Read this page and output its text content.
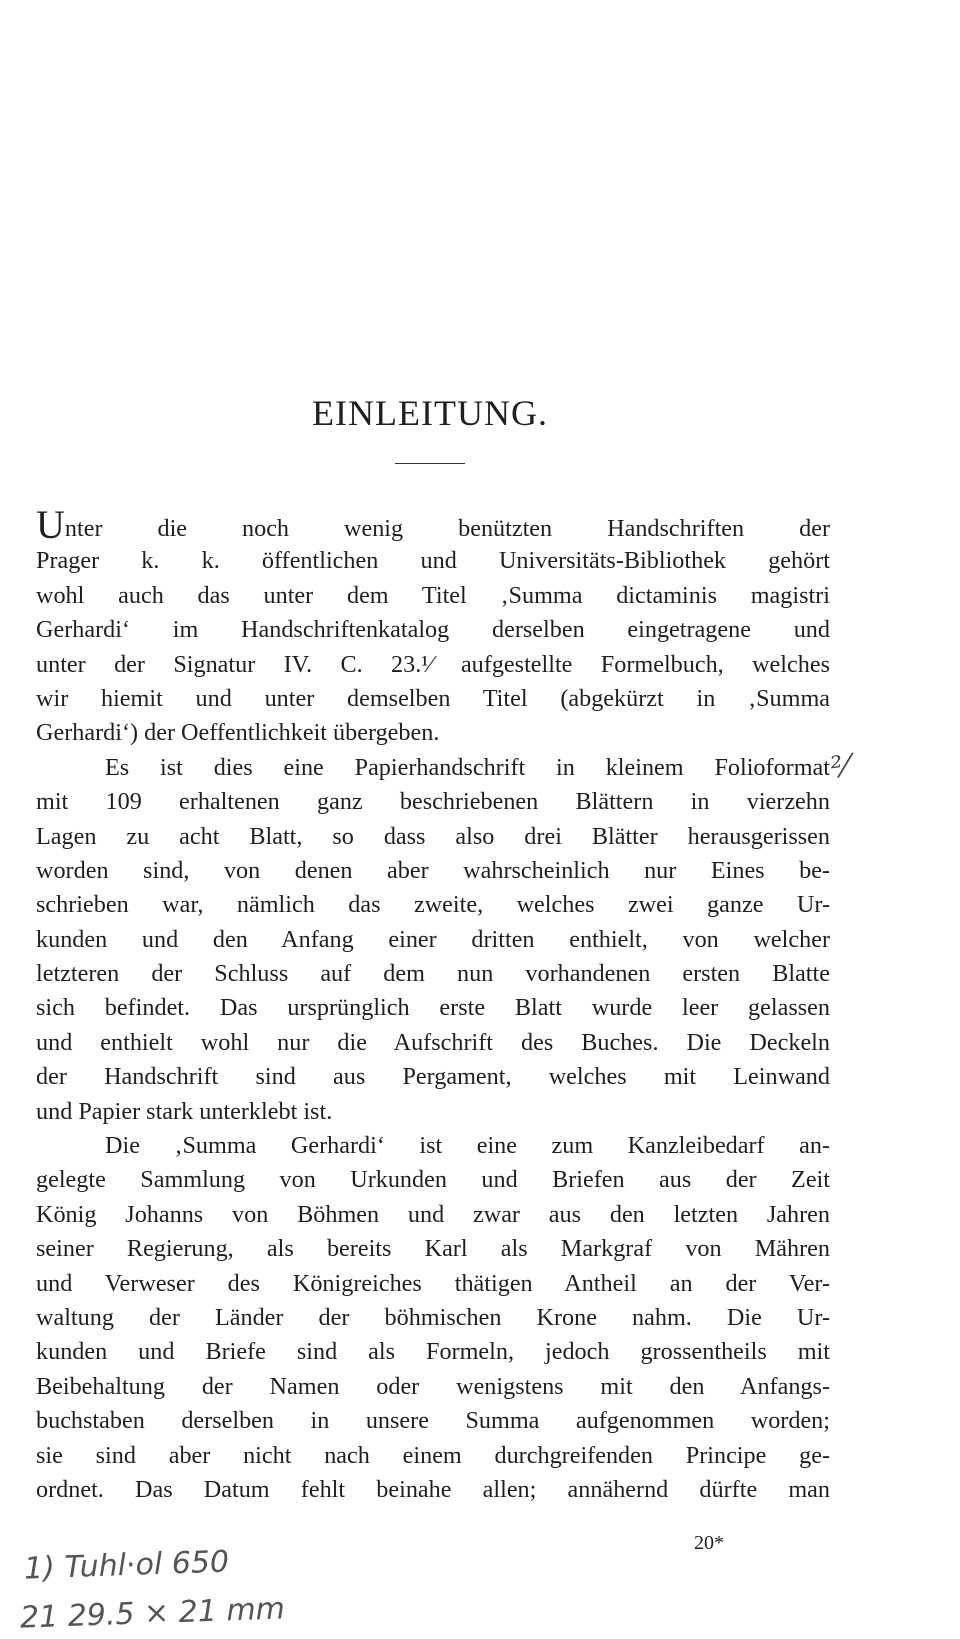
EINLEITUNG.
Unter die noch wenig benützten Handschriften der
Prager k. k. öffentlichen und Universitäts-Bibliothek gehört
wohl auch das unter dem Titel ‚Summa dictaminis magistri
Gerhardi‘ im Handschriftenkatalog derselben eingetragene und
unter der Signatur IV. C. 23.¹⁄ aufgestellte Formelbuch, welches
wir hiemit und unter demselben Titel (abgekürzt in ‚Summa
Gerhardi‘) der Oeffentlichkeit übergeben.
Es ist dies eine Papierhandschrift in kleinem Folioformat
mit 109 erhaltenen ganz beschriebenen Blättern in vierzehn
Lagen zu acht Blatt, so dass also drei Blätter herausgerissen
worden sind, von denen aber wahrscheinlich nur Eines be-
schrieben war, nämlich das zweite, welches zwei ganze Ur-
kunden und den Anfang einer dritten enthielt, von welcher
letzteren der Schluss auf dem nun vorhandenen ersten Blatte
sich befindet. Das ursprünglich erste Blatt wurde leer gelassen
und enthielt wohl nur die Aufschrift des Buches. Die Deckeln
der Handschrift sind aus Pergament, welches mit Leinwand
und Papier stark unterklebt ist.
Die ‚Summa Gerhardi‘ ist eine zum Kanzleibedarf an-
gelegte Sammlung von Urkunden und Briefen aus der Zeit
König Johanns von Böhmen und zwar aus den letzten Jahren
seiner Regierung, als bereits Karl als Markgraf von Mähren
und Verweser des Königreiches thätigen Antheil an der Ver-
waltung der Länder der böhmischen Krone nahm. Die Ur-
kunden und Briefe sind als Formeln, jedoch grossentheils mit
Beibehaltung der Namen oder wenigstens mit den Anfangs-
buchstaben derselben in unsere Summa aufgenommen worden;
sie sind aber nicht nach einem durchgreifenden Principe ge-
ordnet. Das Datum fehlt beinahe allen; annähernd dürfte man
²⁄
20*
1) Tuhl⋅ol 650
21 29.5 × 21 mm
